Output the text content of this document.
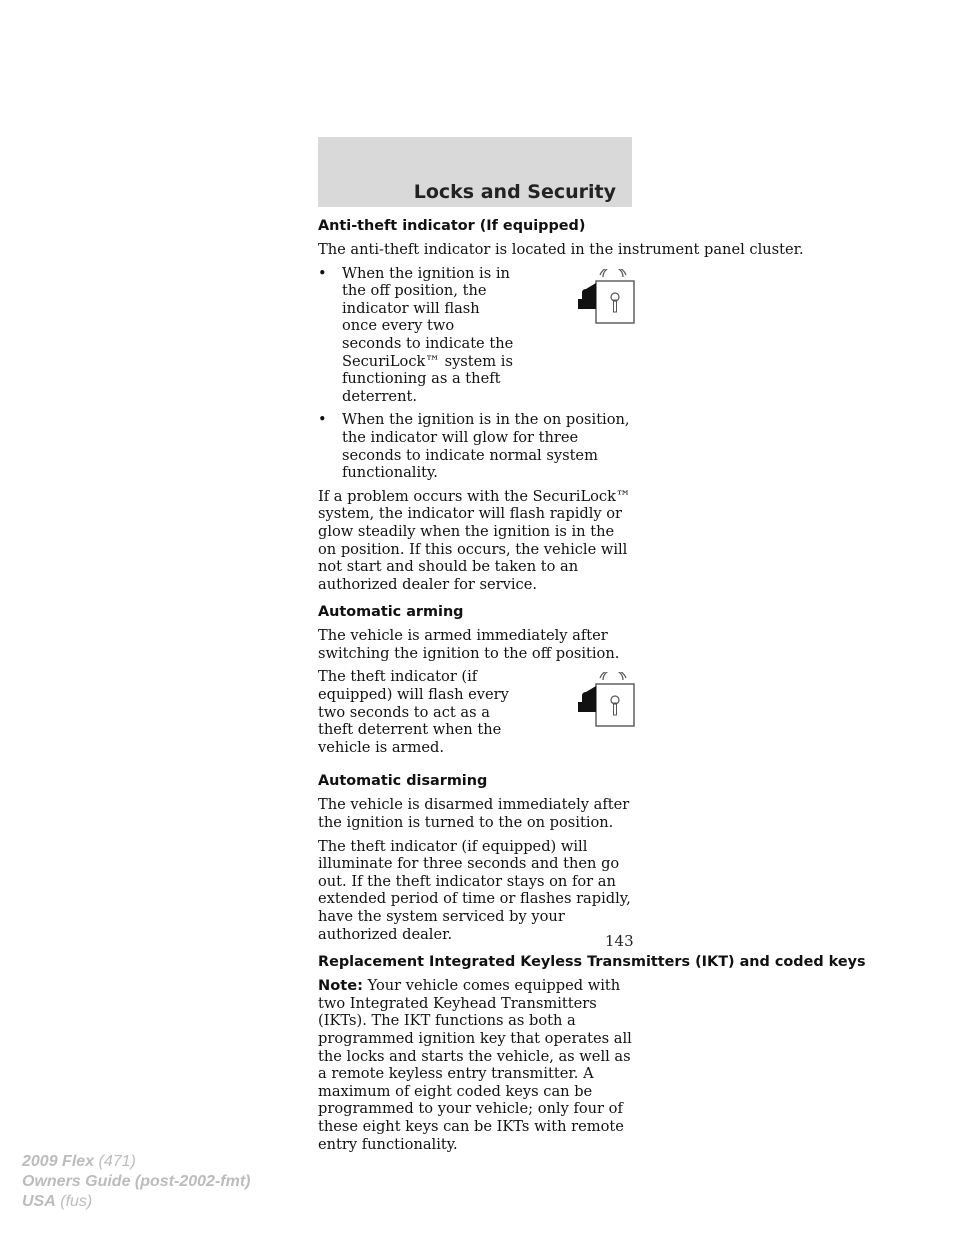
Locks and Security
Anti-theft indicator (If equipped)
The anti-theft indicator is located in the instrument panel cluster.
• When the ignition is in the off position, the indicator will flash once every two seconds to indicate the SecuriLock™ system is functioning as a theft deterrent.
• When the ignition is in the on position, the indicator will glow for three seconds to indicate normal system functionality.
If a problem occurs with the SecuriLock™ system, the indicator will flash rapidly or glow steadily when the ignition is in the on position. If this occurs, the vehicle will not start and should be taken to an authorized dealer for service.
Automatic arming
The vehicle is armed immediately after switching the ignition to the off position.
The theft indicator (if equipped) will flash every two seconds to act as a theft deterrent when the vehicle is armed.
Automatic disarming
The vehicle is disarmed immediately after the ignition is turned to the on position.
The theft indicator (if equipped) will illuminate for three seconds and then go out. If the theft indicator stays on for an extended period of time or flashes rapidly, have the system serviced by your authorized dealer.
Replacement Integrated Keyless Transmitters (IKT) and coded keys
Note: Your vehicle comes equipped with two Integrated Keyhead Transmitters (IKTs). The IKT functions as both a programmed ignition key that operates all the locks and starts the vehicle, as well as a remote keyless entry transmitter. A maximum of eight coded keys can be programmed to your vehicle; only four of these eight keys can be IKTs with remote entry functionality.
143
2009 Flex (471)
Owners Guide (post-2002-fmt)
USA (fus)
